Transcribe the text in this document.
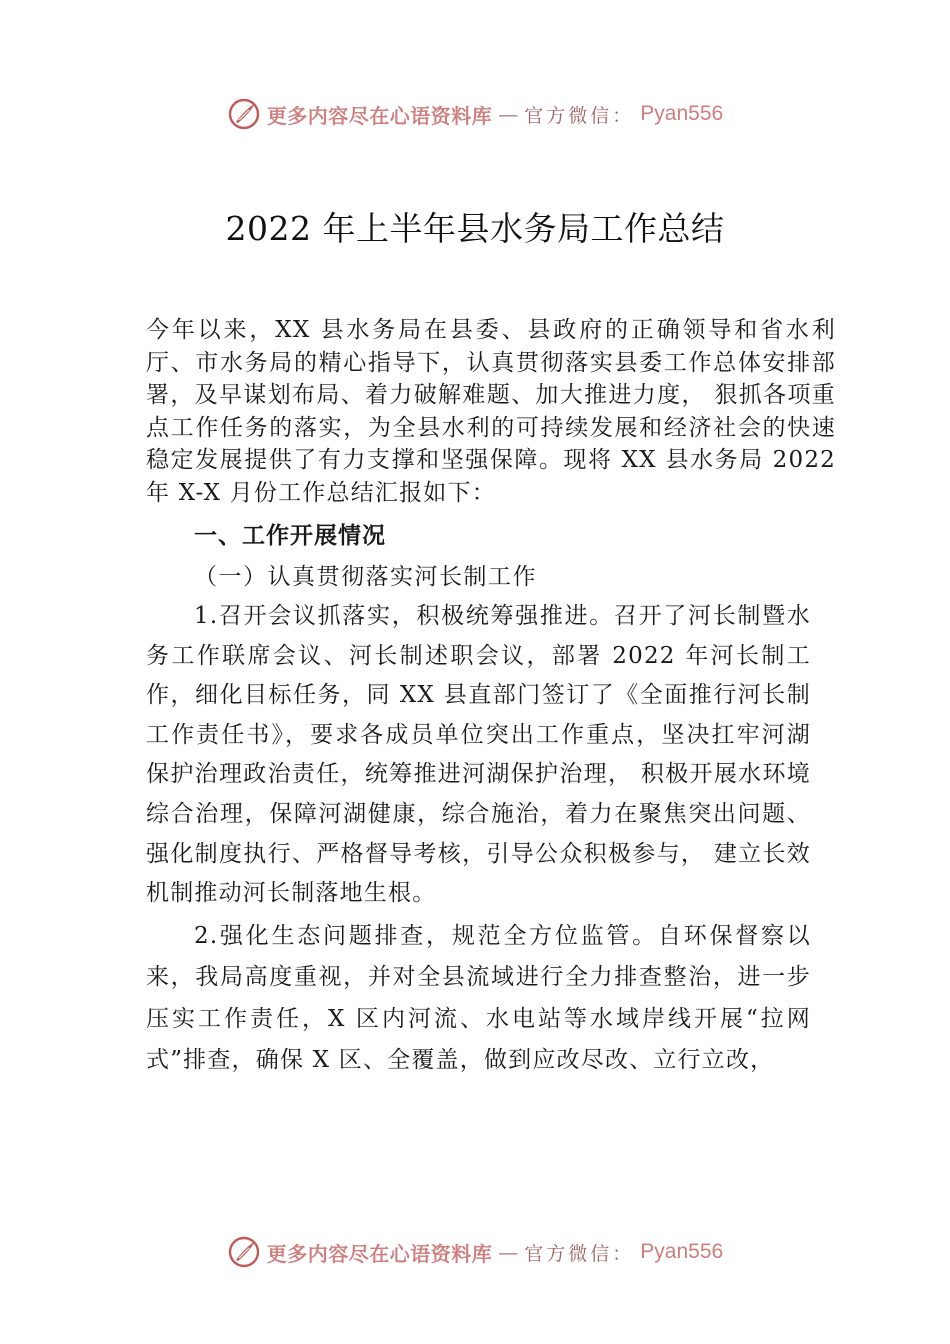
更多内容尽在心语资料库 — 官方微信： Pyan556
2022 年上半年县水务局工作总结

今年以来，XX 县水务局在县委、县政府的正确领导和省水利厅、市水务局的精心指导下，认真贯彻落实县委工作总体安排部署，及早谋划布局、着力破解难题、加大推进力度， 狠抓各项重点工作任务的落实，为全县水利的可持续发展和经济社会的快速稳定发展提供了有力支撑和坚强保障。现将 XX 县水务局 2022 年 X-X 月份工作总结汇报如下：

一、工作开展情况

（一）认真贯彻落实河长制工作

1.召开会议抓落实，积极统筹强推进。召开了河长制暨水务工作联席会议、河长制述职会议，部署 2022 年河长制工作，细化目标任务，同 XX 县直部门签订了《全面推行河长制工作责任书》，要求各成员单位突出工作重点，坚决扛牢河湖保护治理政治责任，统筹推进河湖保护治理， 积极开展水环境综合治理，保障河湖健康，综合施治，着力在聚焦突出问题、强化制度执行、严格督导考核，引导公众积极参与， 建立长效机制推动河长制落地生根。

2.强化生态问题排查，规范全方位监管。自环保督察以来，我局高度重视，并对全县流域进行全力排查整治，进一步压实工作责任，X 区内河流、水电站等水域岸线开展“拉网式”排查，确保 X 区、全覆盖，做到应改尽改、立行立改，

更多内容尽在心语资料库 — 官方微信： Pyan556
